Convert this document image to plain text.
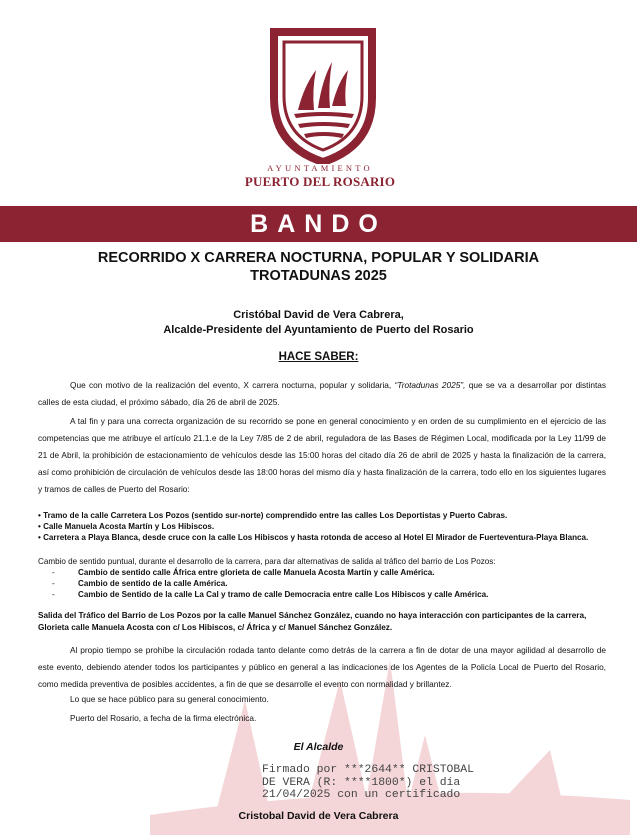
AYUNTAMIENTO
PUERTO DEL ROSARIO
BANDO
RECORRIDO X CARRERA NOCTURNA, POPULAR Y SOLIDARIA
TROTADUNAS 2025
Cristóbal David de Vera Cabrera,
Alcalde-Presidente del Ayuntamiento de Puerto del Rosario
HACE SABER:
Que con motivo de la realización del evento, X carrera nocturna, popular y solidaria, “Trotadunas 2025”, que se va a desarrollar por distintas calles de esta ciudad, el próximo sábado, día 26 de abril de 2025.
A tal fin y para una correcta organización de su recorrido se pone en general conocimiento y en orden de su cumplimiento en el ejercicio de las competencias que me atribuye el artículo 21.1.e de la Ley 7/85 de 2 de abril, reguladora de las Bases de Régimen Local, modificada por la Ley 11/99 de 21 de Abril, la prohibición de estacionamiento de vehículos desde las 15:00 horas del citado día 26 de abril de 2025 y hasta la finalización de la carrera, así como prohibición de circulación de vehículos desde las 18:00 horas del mismo día y hasta finalización de la carrera, todo ello en los siguientes lugares y tramos de calles de Puerto del Rosario:
• Tramo de la calle Carretera Los Pozos (sentido sur-norte) comprendido entre las calles Los Deportistas y Puerto Cabras.
• Calle Manuela Acosta Martín y Los Hibiscos.
• Carretera a Playa Blanca, desde cruce con la calle Los Hibiscos y hasta rotonda de acceso al Hotel El Mirador de Fuerteventura-Playa Blanca.
Cambio de sentido puntual, durante el desarrollo de la carrera, para dar alternativas de salida al tráfico del barrio de Los Pozos:
-	Cambio de sentido calle África entre glorieta de calle Manuela Acosta Martín y calle América.
-	Cambio de sentido de la calle América.
-	Cambio de Sentido de la calle La Cal y tramo de calle Democracia entre calle Los Hibiscos y calle América.
Salida del Tráfico del Barrio de Los Pozos por la calle Manuel Sánchez González, cuando no haya interacción con participantes de la carrera, Glorieta calle Manuela Acosta con c/ Los Hibiscos, c/ África y c/ Manuel Sánchez González.
Al propio tiempo se prohíbe la circulación rodada tanto delante como detrás de la carrera a fin de dotar de una mayor agilidad al desarrollo de este evento, debiendo atender todos los participantes y público en general a las indicaciones de los Agentes de la Policía Local de Puerto del Rosario, como medida preventiva de posibles accidentes, a fin de que se desarrolle el evento con normalidad y brillantez.
Lo que se hace público para su general conocimiento.
Puerto del Rosario, a fecha de la firma electrónica.
El Alcalde
Firmado por ***2644** CRISTOBAL
DE VERA (R: ****1800*) el día
21/04/2025 con un certificado
Cristobal David de Vera Cabrera
